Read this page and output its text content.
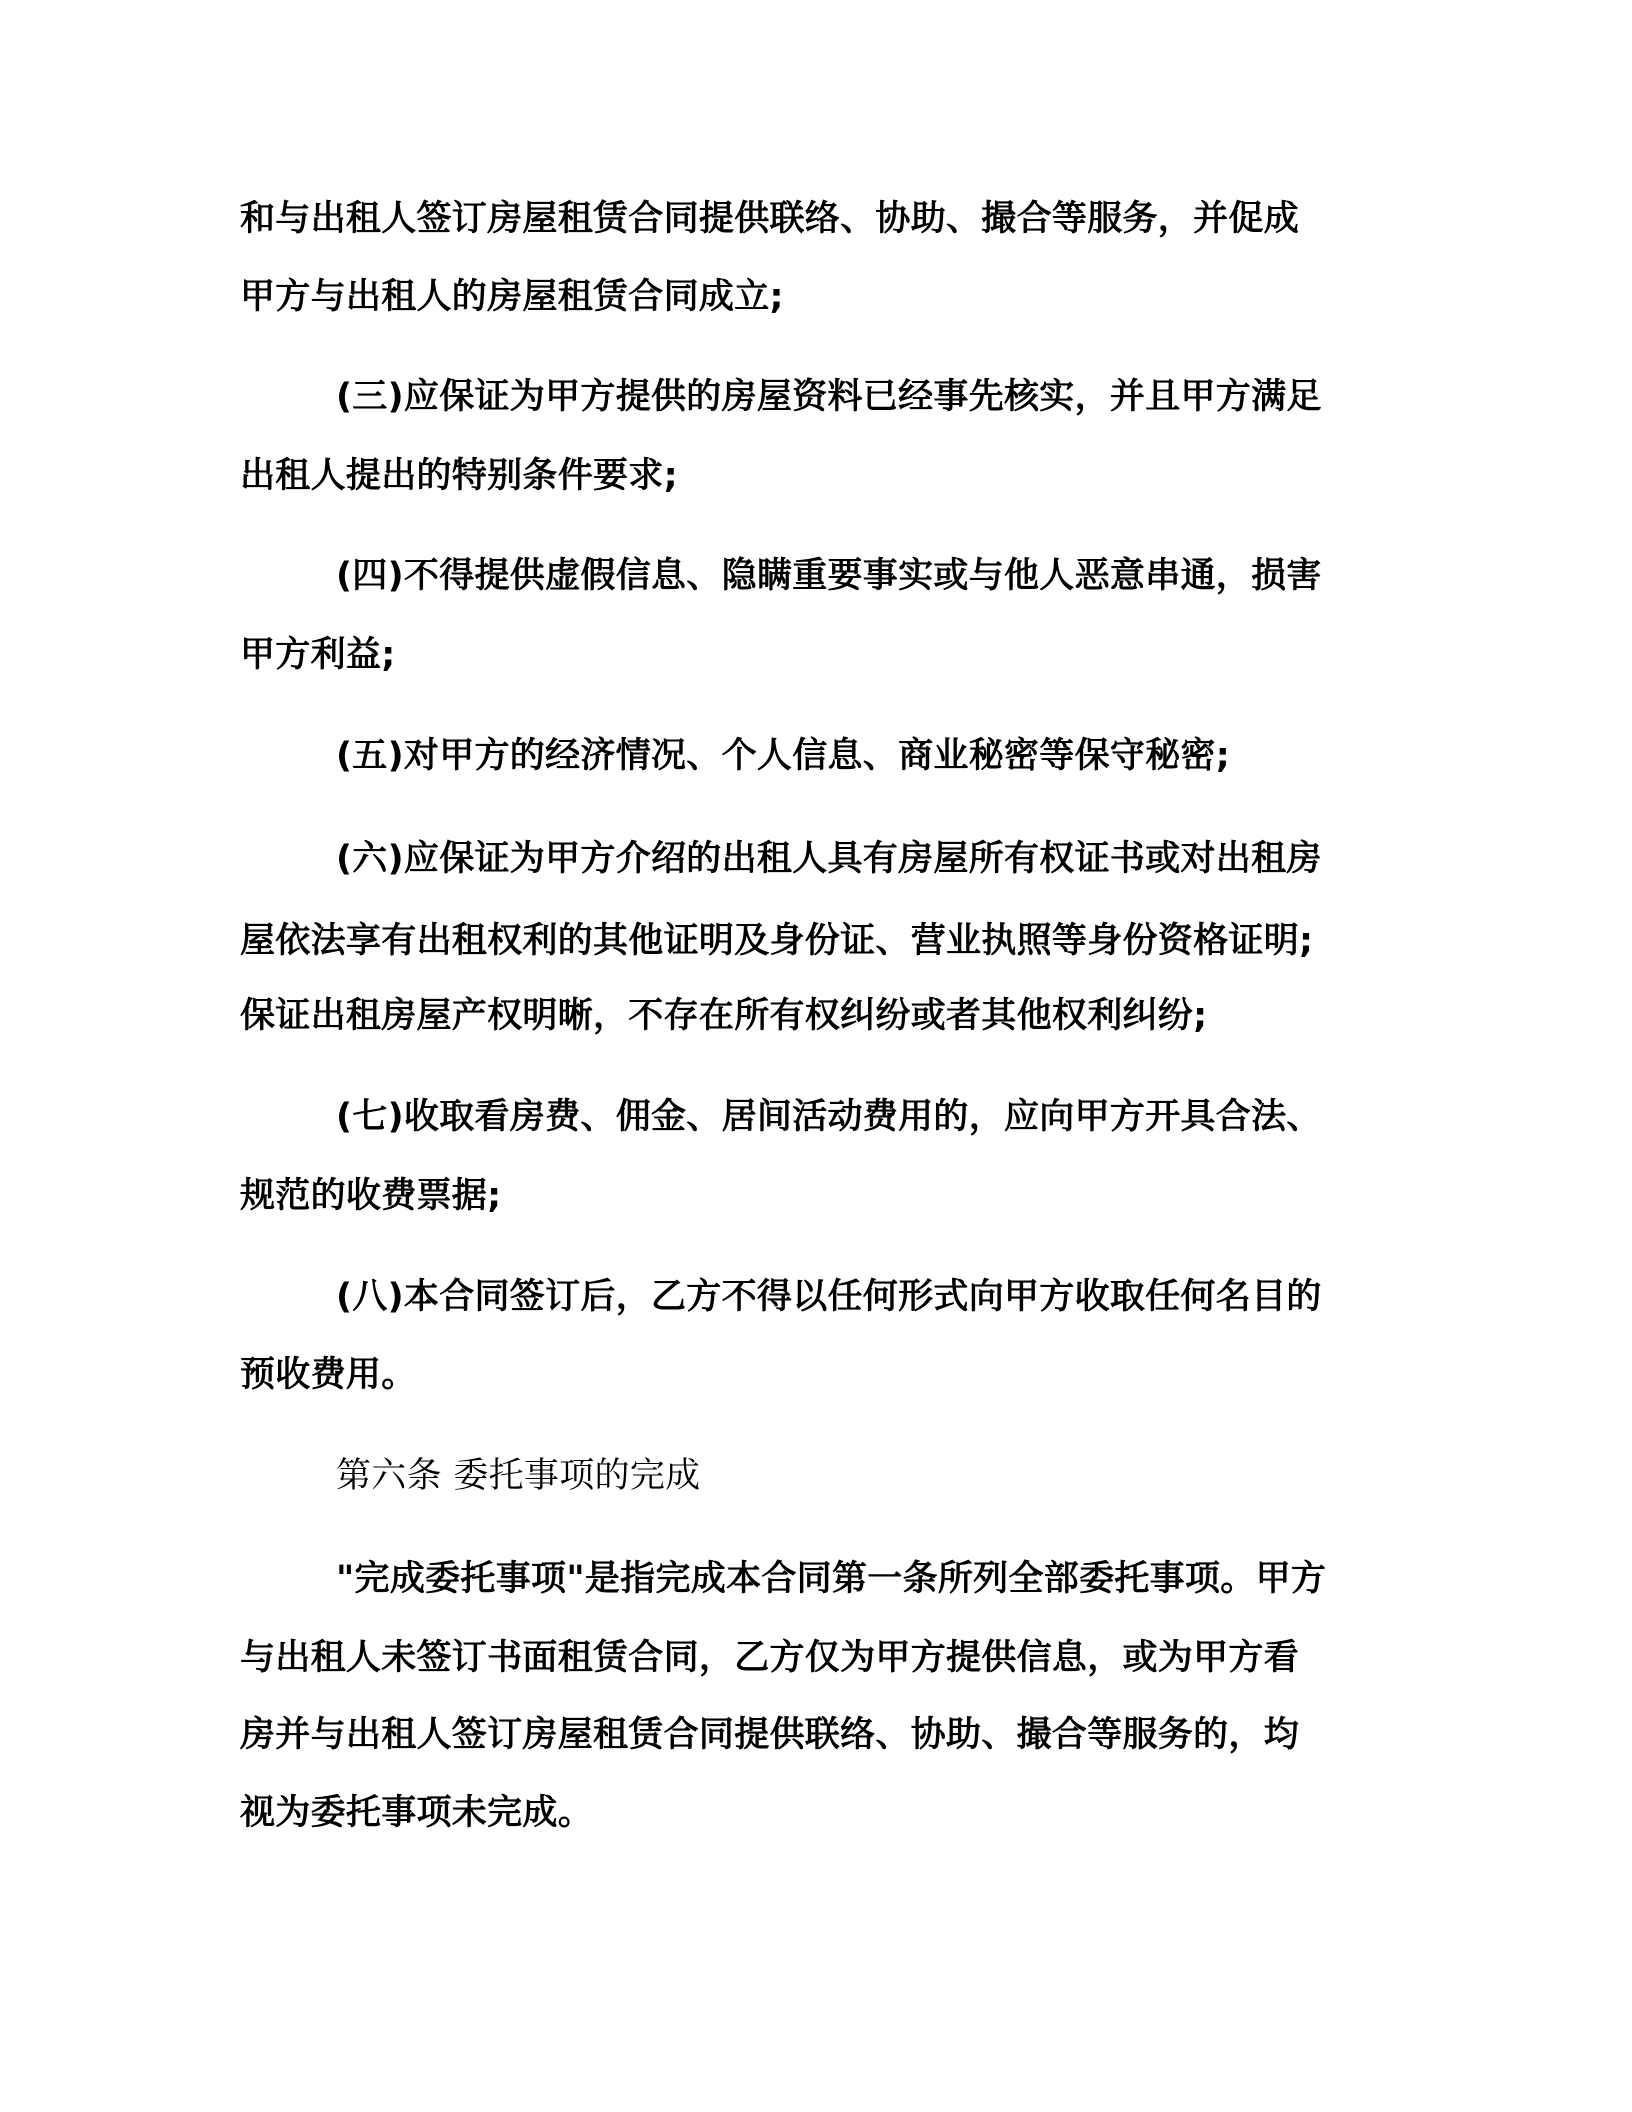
和与出租人签订房屋租赁合同提供联络、协助、撮合等服务，并促成
甲方与出租人的房屋租赁合同成立;
(三)应保证为甲方提供的房屋资料已经事先核实，并且甲方满足
出租人提出的特别条件要求;
(四)不得提供虚假信息、隐瞒重要事实或与他人恶意串通，损害
甲方利益;
(五)对甲方的经济情况、个人信息、商业秘密等保守秘密;
(六)应保证为甲方介绍的出租人具有房屋所有权证书或对出租房
屋依法享有出租权利的其他证明及身份证、营业执照等身份资格证明;
保证出租房屋产权明晰，不存在所有权纠纷或者其他权利纠纷;
(七)收取看房费、佣金、居间活动费用的，应向甲方开具合法、
规范的收费票据;
(八)本合同签订后，乙方不得以任何形式向甲方收取任何名目的
预收费用。
第六条 委托事项的完成
"完成委托事项"是指完成本合同第一条所列全部委托事项。甲方
与出租人未签订书面租赁合同，乙方仅为甲方提供信息，或为甲方看
房并与出租人签订房屋租赁合同提供联络、协助、撮合等服务的，均
视为委托事项未完成。
